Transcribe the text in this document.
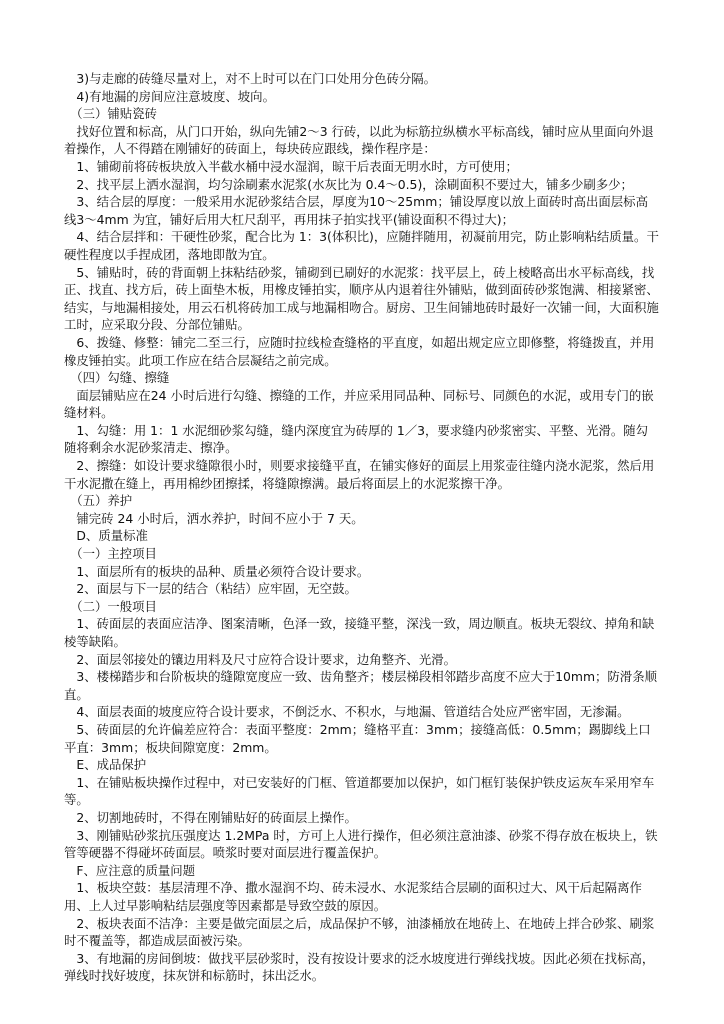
　3)与走廊的砖缝尽量对上，对不上时可以在门口处用分色砖分隔。

　4)有地漏的房间应注意坡度、坡向。

　（三）铺贴瓷砖

　找好位置和标高，从门口开始，纵向先铺2～3 行砖，以此为标筋拉纵横水平标高线，铺时应从里面向外退着操作，人不得踏在刚铺好的砖面上，每块砖应跟线，操作程序是：

　1、铺砌前将砖板块放入半截水桶中浸水湿润，晾干后表面无明水时，方可使用；

　2、找平层上洒水湿润，均匀涂刷素水泥浆(水灰比为 0.4～0.5)，涂刷面积不要过大，铺多少刷多少；

　3、结合层的厚度：一般采用水泥砂浆结合层，厚度为10～25mm；铺设厚度以放上面砖时高出面层标高线3～4mm 为宜，铺好后用大杠尺刮平，再用抹子拍实找平(铺设面积不得过大)；

　4、结合层拌和：干硬性砂浆，配合比为 1：3(体积比)，应随拌随用，初凝前用完，防止影响粘结质量。干硬性程度以手捏成团，落地即散为宜。

　5、铺贴时，砖的背面朝上抹粘结砂浆，铺砌到已刷好的水泥浆：找平层上，砖上棱略高出水平标高线，找正、找直、找方后，砖上面垫木板，用橡皮锤拍实，顺序从内退着往外铺贴，做到面砖砂浆饱满、相接紧密、结实，与地漏相接处，用云石机将砖加工成与地漏相吻合。厨房、卫生间铺地砖时最好一次铺一间，大面积施工时，应采取分段、分部位铺贴。

　6、拨缝、修整：铺完二至三行，应随时拉线检查缝格的平直度，如超出规定应立即修整，将缝拨直，并用橡皮锤拍实。此项工作应在结合层凝结之前完成。

　（四）勾缝、擦缝

　面层铺贴应在24 小时后进行勾缝、擦缝的工作，并应采用同品种、同标号、同颜色的水泥，或用专门的嵌缝材料。

　1、勾缝：用 1：1 水泥细砂浆勾缝，缝内深度宜为砖厚的 1／3，要求缝内砂浆密实、平整、光滑。随勾随将剩余水泥砂浆清走、擦净。

　2、擦缝：如设计要求缝隙很小时，则要求接缝平直，在铺实修好的面层上用浆壶往缝内浇水泥浆，然后用干水泥撒在缝上，再用棉纱团擦揉，将缝隙擦满。最后将面层上的水泥浆擦干净。

　（五）养护

　铺完砖 24 小时后，洒水养护，时间不应小于 7 天。

　D、质量标准

　（一）主控项目

　1、面层所有的板块的品种、质量必须符合设计要求。

　2、面层与下一层的结合（粘结）应牢固，无空鼓。

　（二）一般项目

　1、砖面层的表面应洁净、图案清晰，色泽一致，接缝平整，深浅一致，周边顺直。板块无裂纹、掉角和缺棱等缺陷。

　2、面层邻接处的镶边用料及尺寸应符合设计要求，边角整齐、光滑。

　3、楼梯踏步和台阶板块的缝隙宽度应一致、齿角整齐；楼层梯段相邻踏步高度不应大于10mm；防滑条顺直。

　4、面层表面的坡度应符合设计要求，不倒泛水、不积水，与地漏、管道结合处应严密牢固，无渗漏。

　5、砖面层的允许偏差应符合：表面平整度：2mm；缝格平直：3mm；接缝高低：0.5mm；踢脚线上口平直：3mm；板块间隙宽度：2mm。

　E、成品保护

　1、在铺贴板块操作过程中，对已安装好的门框、管道都要加以保护，如门框钉装保护铁皮运灰车采用窄车等。

　2、切割地砖时，不得在刚铺贴好的砖面层上操作。

　3、刚铺贴砂浆抗压强度达 1.2MPa 时，方可上人进行操作，但必须注意油漆、砂浆不得存放在板块上，铁管等硬器不得碰坏砖面层。喷浆时要对面层进行覆盖保护。

　F、应注意的质量问题

　1、板块空鼓：基层清理不净、撒水湿润不均、砖未浸水、水泥浆结合层刷的面积过大、风干后起隔离作用、上人过早影响粘结层强度等因素都是导致空鼓的原因。

　2、板块表面不洁净：主要是做完面层之后，成品保护不够，油漆桶放在地砖上、在地砖上拌合砂浆、刷浆时不覆盖等，都造成层面被污染。

　3、有地漏的房间倒坡：做找平层砂浆时，没有按设计要求的泛水坡度进行弹线找坡。因此必须在找标高，弹线时找好坡度，抹灰饼和标筋时，抹出泛水。
